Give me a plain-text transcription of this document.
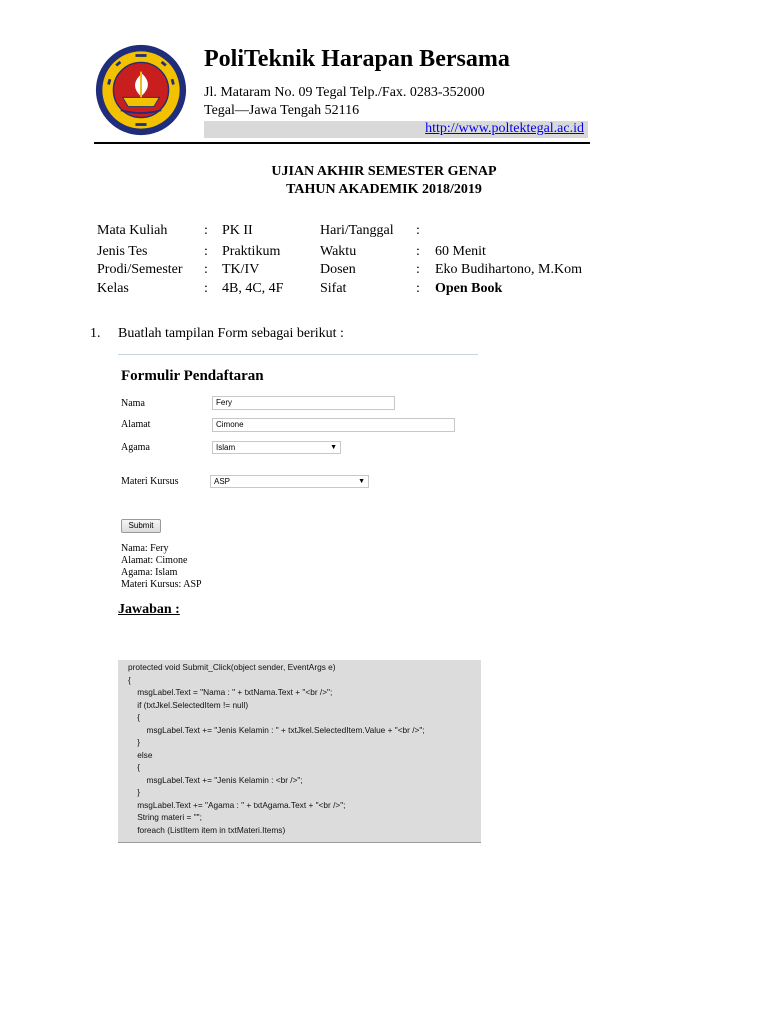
PoliTeknik Harapan Bersama
Jl. Mataram No. 09 Tegal Telp./Fax. 0283-352000
Tegal—Jawa Tengah 52116
http://www.poltektegal.ac.id
UJIAN AKHIR SEMESTER GENAP
TAHUN AKADEMIK 2018/2019
Mata Kuliah	: PK II	Hari/Tanggal :
Jenis Tes	: Praktikum	Waktu	: 60 Menit
Prodi/Semester : TK/IV	Dosen	: Eko Budihartono, M.Kom
Kelas	: 4B, 4C, 4F	Sifat	: Open Book
1. Buatlah tampilan Form sebagai berikut :
Formulir Pendaftaran
Nama	Fery
Alamat	Cimone
Agama	Islam	▼
Materi Kursus	ASP	▼
Submit
Nama: Fery
Alamat: Cimone
Agama: Islam
Materi Kursus: ASP
Jawaban :
protected void Submit_Click(object sender, EventArgs e)
{
msgLabel.Text = "Nama : " + txtNama.Text + "<br />";
if (txtJkel.SelectedItem != null)
{
msgLabel.Text += "Jenis Kelamin : " + txtJkel.SelectedItem.Value + "<br />";
}
else
{
msgLabel.Text += "Jenis Kelamin : <br />";
}
msgLabel.Text += "Agama : " + txtAgama.Text + "<br />";
String materi = "";
foreach (ListItem item in txtMateri.Items)
